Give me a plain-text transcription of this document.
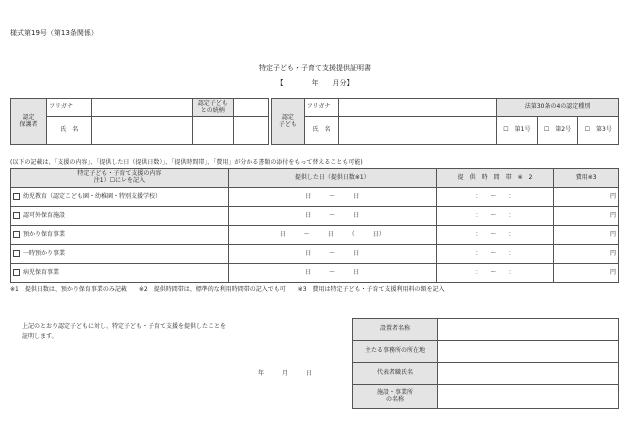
様式第19号（第13条関係）
特定子ども・子育て支援提供証明書
【　　　　年　　月分】
認定
保護者	フリガナ		認定子ども
との続柄	
	氏　名			
認定
子ども	フリガナ		法第30条の4の認定種別		
	氏　名		☐　第1号	☐　第2号	☐　第3号
(以下の記載は、「支援の内容」、「提供した日（提供日数）」、「提供時間帯」、「費用」が分かる書類の添付をもって替えることも可能)
特定子ども・子育て支援の内容
注1）☐にレを記入	提供した日（提供日数※1）	提　供　時　間　帯　※　2	費用※3
幼児教育（認定こども園・幼稚園・特別支援学校）	日　　　〜　　　日	：　　〜　　：	円
認可外保育施設	日　　　〜　　　日	：　　〜　　：	円
預かり保育事業	日　　　〜　　　日　　　（　　　日）	：　　〜　　：	円
一時預かり事業	日　　　〜　　　日	：　　〜　　：	円
病児保育事業	日　　　〜　　　日	：　　〜　　：	円
※1　提供日数は、預かり保育事業のみ記載　　※2　提供時間帯は、標準的な利用時間帯の記入でも可　　※3　費用は特定子ども・子育て支援利用料の額を記入
上記のとおり認定子どもに対し、特定子ども・子育て支援を提供したことを
証明します。
年　　　月　　　日
設置者名称	
主たる事務所の所在地	
代表者職氏名	
施設・事業所
の名称	
